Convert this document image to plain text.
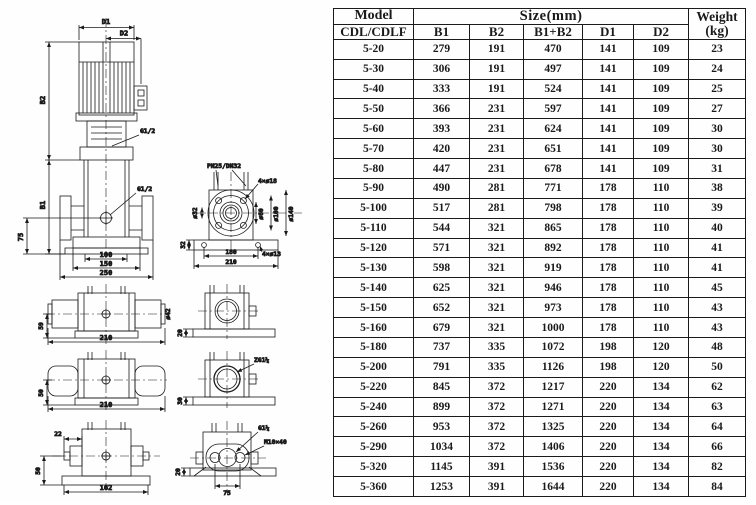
D1
D2
B2
B1
75
G1/2
G1/2
100
150
250
ø42
59
210
50
210
22
50
162
PN25/DN32
4×ø18
ø60 ø100 ø140
ø32
180
210
4×ø13
32
20
ZG1¼
30
G1¼
M10×40
75
20
Model	Size(mm)					Weight
(kg)

CDL/CDLF	B1	B2	B1+B2	D1	D2	
5-20	279	191	470	141	109	23
5-30	306	191	497	141	109	24
5-40	333	191	524	141	109	25
5-50	366	231	597	141	109	27
5-60	393	231	624	141	109	30
5-70	420	231	651	141	109	30
5-80	447	231	678	141	109	31
5-90	490	281	771	178	110	38
5-100	517	281	798	178	110	39
5-110	544	321	865	178	110	40
5-120	571	321	892	178	110	41
5-130	598	321	919	178	110	41
5-140	625	321	946	178	110	45
5-150	652	321	973	178	110	43
5-160	679	321	1000	178	110	43
5-180	737	335	1072	198	120	48
5-200	791	335	1126	198	120	50
5-220	845	372	1217	220	134	62
5-240	899	372	1271	220	134	63
5-260	953	372	1325	220	134	64
5-290	1034	372	1406	220	134	66
5-320	1145	391	1536	220	134	82
5-360	1253	391	1644	220	134	84
